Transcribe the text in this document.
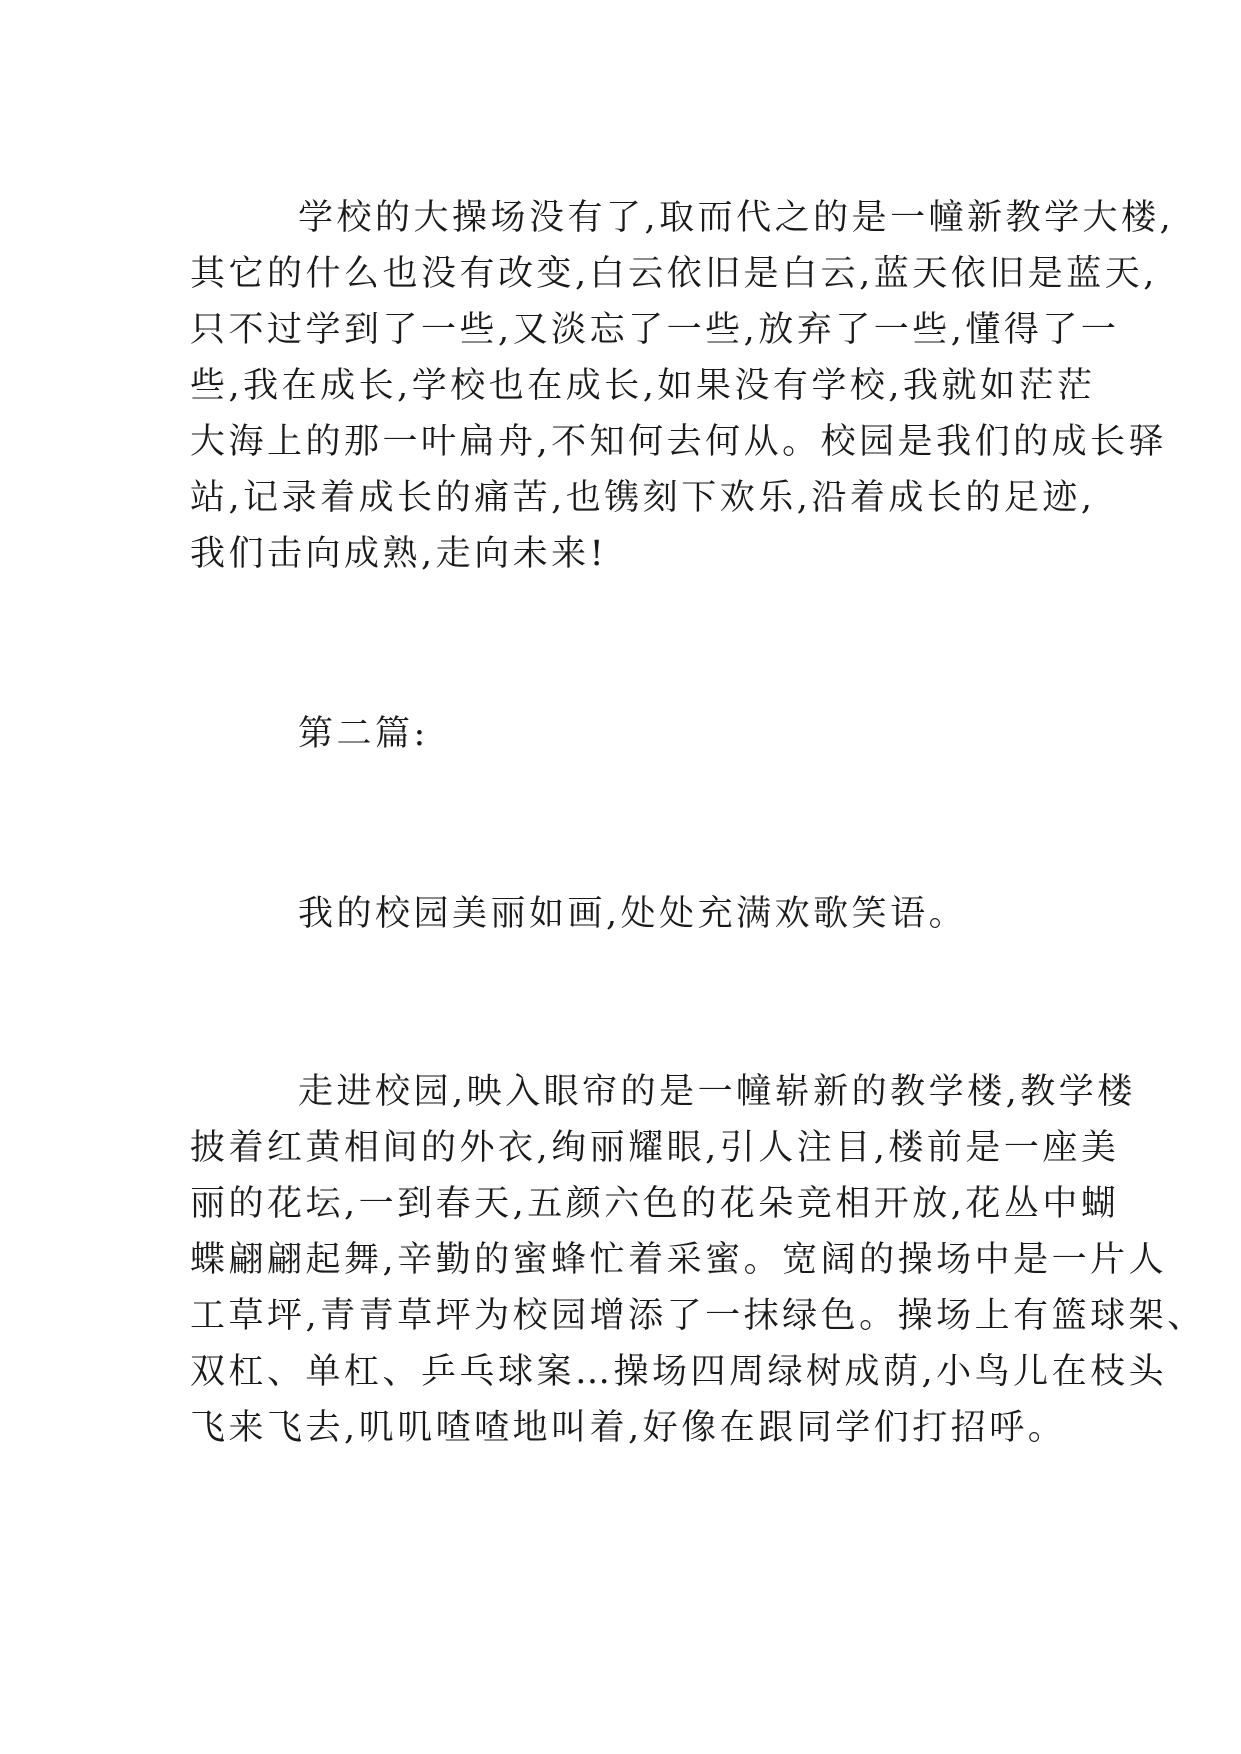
学校的大操场没有了,取而代之的是一幢新教学大楼,
其它的什么也没有改变,白云依旧是白云,蓝天依旧是蓝天,
只不过学到了一些,又淡忘了一些,放弃了一些,懂得了一
些,我在成长,学校也在成长,如果没有学校,我就如茫茫
大海上的那一叶扁舟,不知何去何从。校园是我们的成长驿
站,记录着成长的痛苦,也镌刻下欢乐,沿着成长的足迹,
我们击向成熟,走向未来!
第二篇:
我的校园美丽如画,处处充满欢歌笑语。
走进校园,映入眼帘的是一幢崭新的教学楼,教学楼
披着红黄相间的外衣,绚丽耀眼,引人注目,楼前是一座美
丽的花坛,一到春天,五颜六色的花朵竞相开放,花丛中蝴
蝶翩翩起舞,辛勤的蜜蜂忙着采蜜。宽阔的操场中是一片人
工草坪,青青草坪为校园增添了一抹绿色。操场上有篮球架、
双杠、单杠、乒乓球案…操场四周绿树成荫,小鸟儿在枝头
飞来飞去,叽叽喳喳地叫着,好像在跟同学们打招呼。
